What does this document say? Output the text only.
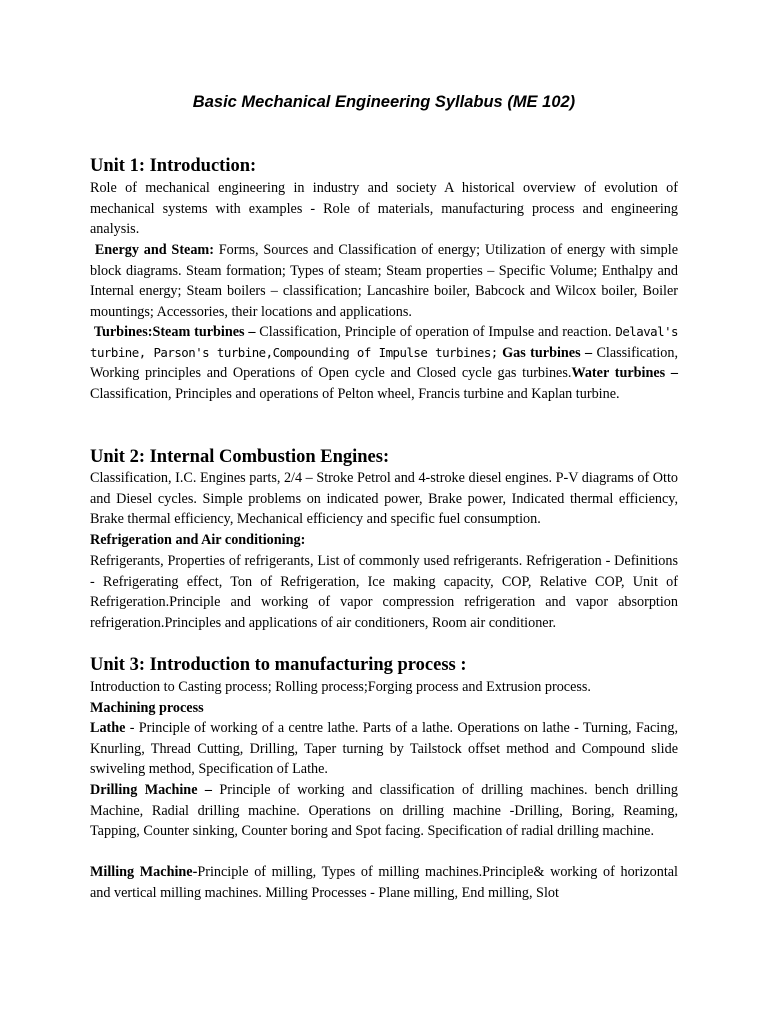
Basic Mechanical Engineering Syllabus (ME 102)
Unit 1: Introduction:

Role of mechanical engineering in industry and society A historical overview of evolution of mechanical systems with examples - Role of materials, manufacturing process and engineering analysis.

Energy and Steam: Forms, Sources and Classification of energy; Utilization of energy with simple block diagrams. Steam formation; Types of steam; Steam properties – Specific Volume; Enthalpy and Internal energy; Steam boilers – classification; Lancashire boiler, Babcock and Wilcox boiler, Boiler mountings; Accessories, their locations and applications.

Turbines:Steam turbines – Classification, Principle of operation of Impulse and reaction. Delaval's turbine, Parson's turbine,Compounding of Impulse turbines; Gas turbines – Classification, Working principles and Operations of Open cycle and Closed cycle gas turbines.Water turbines – Classification, Principles and operations of Pelton wheel, Francis turbine and Kaplan turbine.

Unit 2: Internal Combustion Engines:

Classification, I.C. Engines parts, 2/4 – Stroke Petrol and 4-stroke diesel engines. P-V diagrams of Otto and Diesel cycles. Simple problems on indicated power, Brake power, Indicated thermal efficiency, Brake thermal efficiency, Mechanical efficiency and specific fuel consumption.

Refrigeration and Air conditioning:

Refrigerants, Properties of refrigerants, List of commonly used refrigerants. Refrigeration - Definitions - Refrigerating effect, Ton of Refrigeration, Ice making capacity, COP, Relative COP, Unit of Refrigeration.Principle and working of vapor compression refrigeration and vapor absorption refrigeration.Principles and applications of air conditioners, Room air conditioner.

Unit 3: Introduction to manufacturing process :

Introduction to Casting process; Rolling process;Forging process and Extrusion process.

Machining process

Lathe - Principle of working of a centre lathe. Parts of a lathe. Operations on lathe - Turning, Facing, Knurling, Thread Cutting, Drilling, Taper turning by Tailstock offset method and Compound slide swiveling method, Specification of Lathe.

Drilling Machine – Principle of working and classification of drilling machines. bench drilling Machine, Radial drilling machine. Operations on drilling machine -Drilling, Boring, Reaming, Tapping, Counter sinking, Counter boring and Spot facing. Specification of radial drilling machine.

Milling Machine-Principle of milling, Types of milling machines.Principle& working of horizontal and vertical milling machines. Milling Processes - Plane milling, End milling, Slot
